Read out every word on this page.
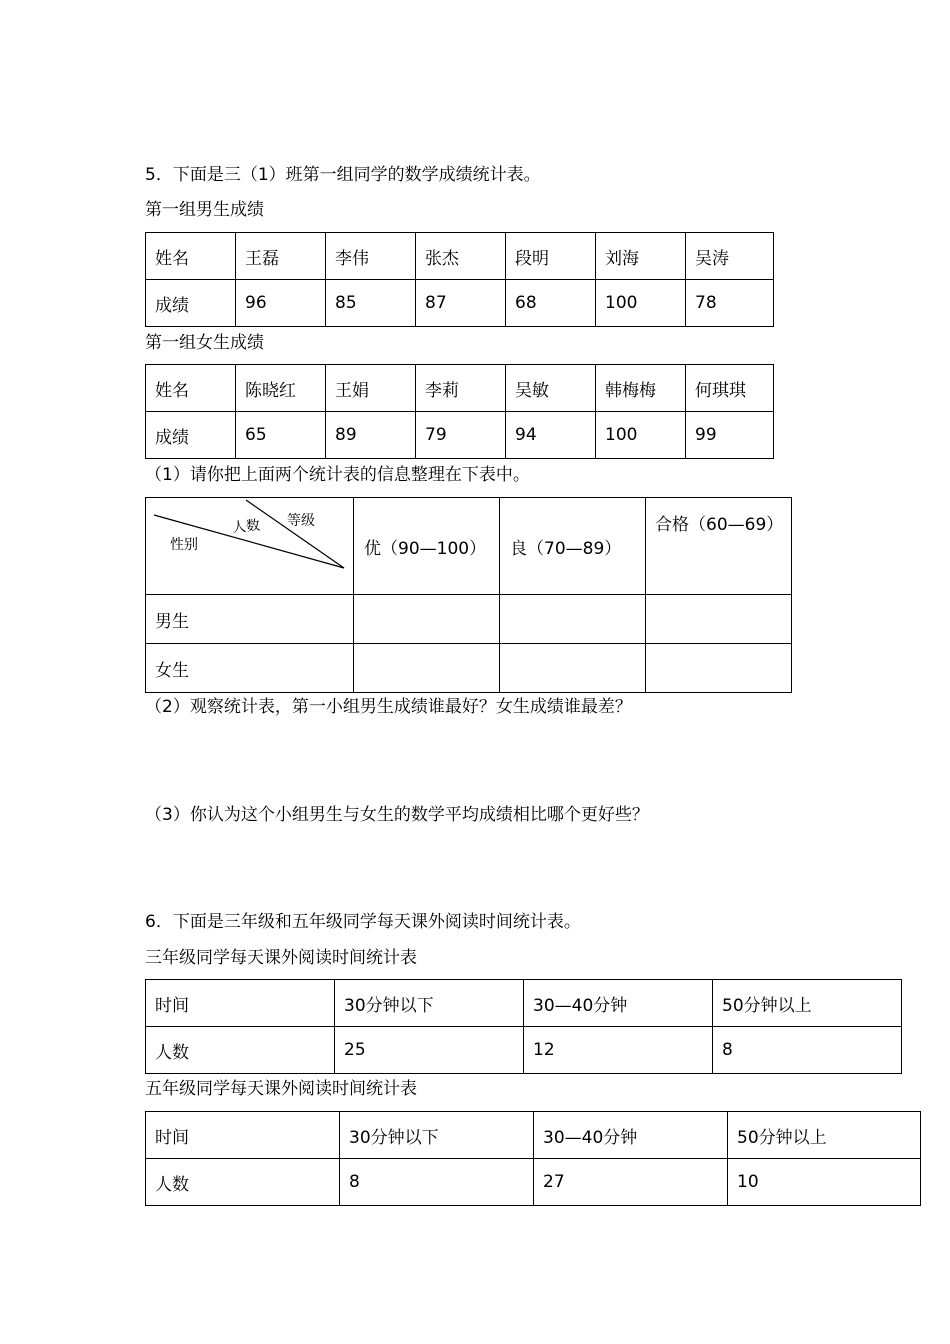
5．下面是三（1）班第一组同学的数学成绩统计表。
第一组男生成绩
姓名	王磊	李伟	张杰	段明	刘海	吴涛
成绩	96	85	87	68	100	78
第一组女生成绩
姓名	陈晓红	王娟	李莉	吴敏	韩梅梅	何琪琪
成绩	65	89	79	94	100	99
（1）请你把上面两个统计表的信息整理在下表中。
等级
人数
性别	优（90—100）	良（70—89）	合格（60—69）
男生			
女生			
（2）观察统计表，第一小组男生成绩谁最好？女生成绩谁最差？
（3）你认为这个小组男生与女生的数学平均成绩相比哪个更好些？
6．下面是三年级和五年级同学每天课外阅读时间统计表。
三年级同学每天课外阅读时间统计表
时间	30分钟以下	30—40分钟	50分钟以上
人数	25	12	8
五年级同学每天课外阅读时间统计表
时间	30分钟以下	30—40分钟	50分钟以上
人数	8	27	10
